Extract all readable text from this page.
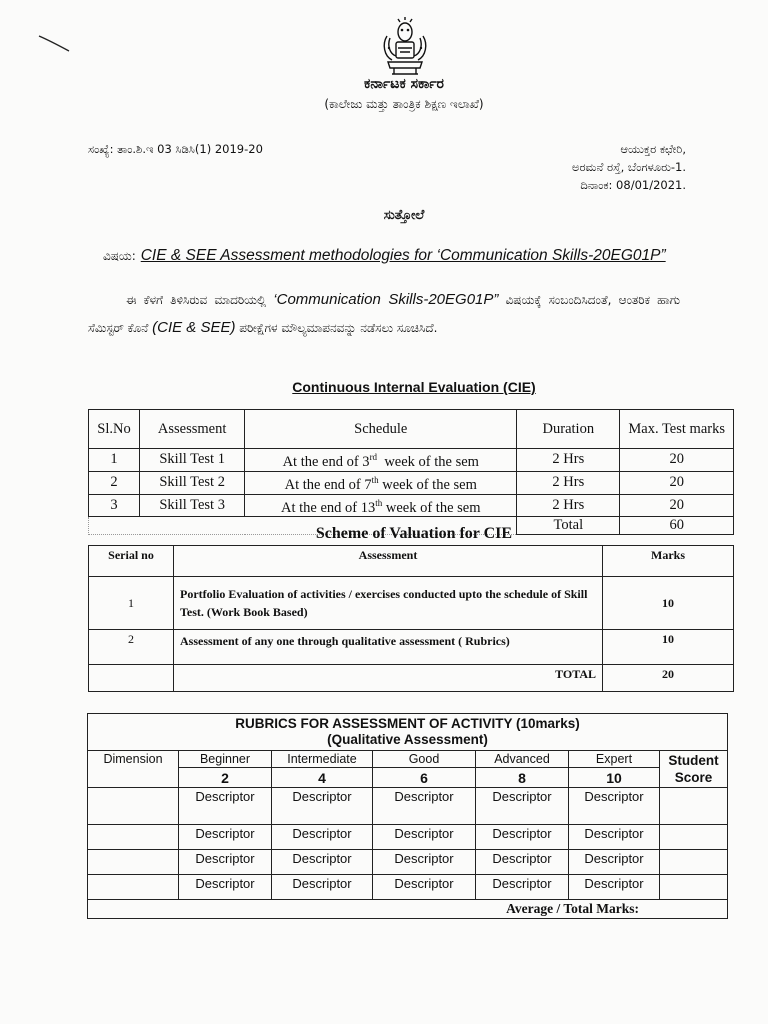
ಕರ್ನಾಟಕ ಸರ್ಕಾರ
(ಕಾಲೇಜು ಮತ್ತು ತಾಂತ್ರಿಕ ಶಿಕ್ಷಣ ಇಲಾಖೆ)
ಸಂಖ್ಯೆ: ತಾಂ.ಶಿ.ಇ 03 ಸಿಡಿಸಿ(1) 2019-20	ಆಯುಕ್ತರ ಕಛೇರಿ,
ಅರಮನೆ ರಸ್ತೆ, ಬೆಂಗಳೂರು-1.
ದಿನಾಂಕ: 08/01/2021.
ಸುತ್ತೋಲೆ
ವಿಷಯ: CIE & SEE Assessment methodologies for ‘Communication Skills-20EG01P”
ಈ ಕೆಳಗೆ ತಿಳಿಸಿರುವ ಮಾದರಿಯಲ್ಲಿ ‘Communication Skills-20EG01P” ವಿಷಯಕ್ಕೆ ಸಂಬಂದಿಸಿದಂತೆ, ಆಂತರಿಕ ಹಾಗು ಸೆಮಿಸ್ಟರ್ ಕೊನೆ (CIE & SEE) ಪರೀಕ್ಷೆಗಳ ಮೌಲ್ಯಮಾಪನವನ್ನು ನಡೆಸಲು ಸೂಚಿಸಿದೆ.
Continuous Internal Evaluation (CIE)
Sl.No	Assessment	Schedule	Duration	Max. Test marks
1	Skill Test 1	At the end of 3rd  week of the sem	2 Hrs	20
2	Skill Test 2	At the end of 7th week of the sem	2 Hrs	20
3	Skill Test 3	At the end of 13th week of the sem	2 Hrs	20
			Total	60
Scheme of Valuation for CIE
Serial no	Assessment	Marks
1	Portfolio Evaluation of activities / exercises conducted upto the schedule of Skill Test. (Work Book Based)	10
2	Assessment of any one through qualitative assessment ( Rubrics)	10
	TOTAL	20
RUBRICS FOR ASSESSMENT OF ACTIVITY (10marks)
(Qualitative Assessment)						

Dimension	Beginner	Intermediate	Good	Advanced	Expert	Student Score
	2	4	6	8	10	
	Descriptor	Descriptor	Descriptor	Descriptor	Descriptor	
	Descriptor	Descriptor	Descriptor	Descriptor	Descriptor	
	Descriptor	Descriptor	Descriptor	Descriptor	Descriptor	
	Descriptor	Descriptor	Descriptor	Descriptor	Descriptor	
Average / Total Marks:						
